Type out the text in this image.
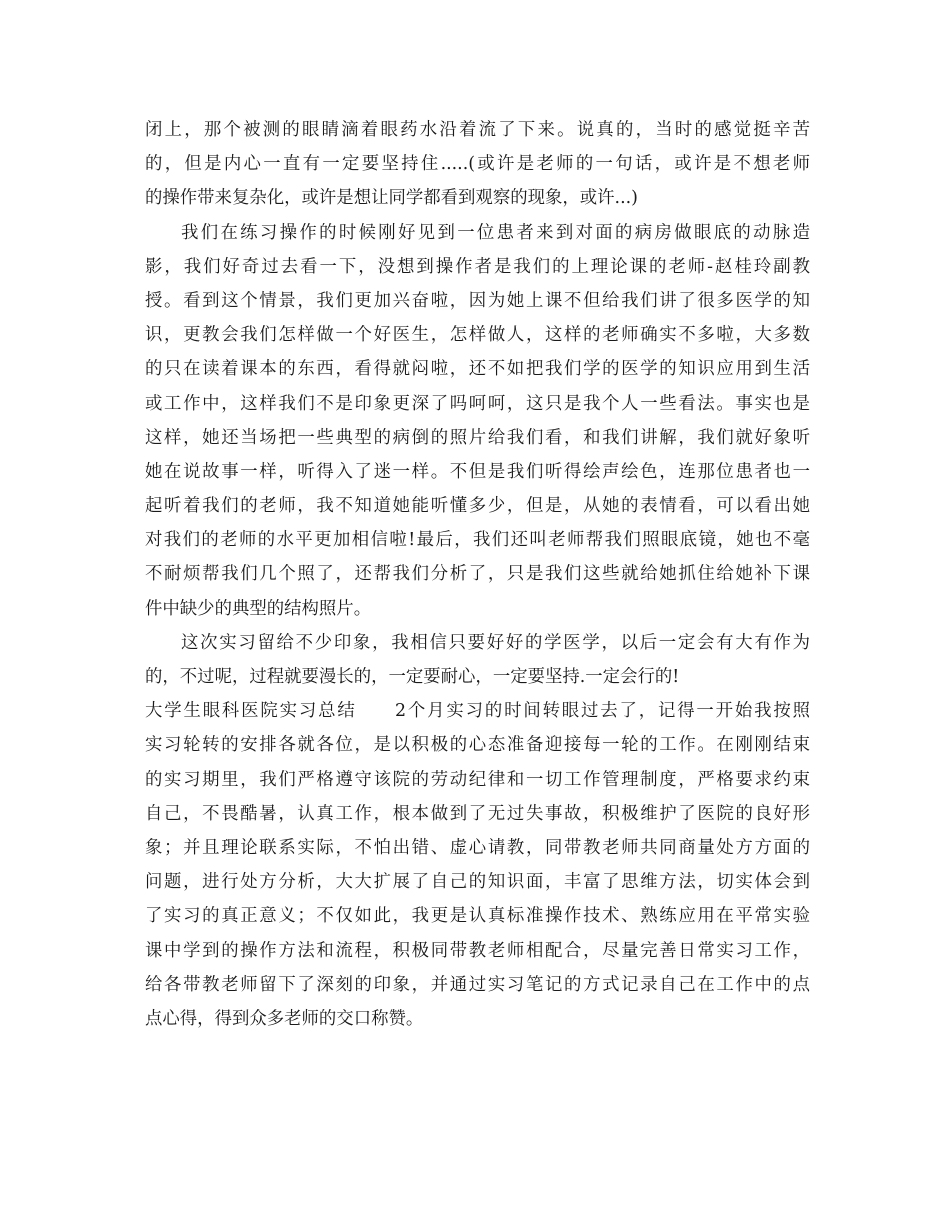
闭上，那个被测的眼睛滴着眼药水沿着流了下来。说真的，当时的感觉挺辛苦
的，但是内心一直有一定要坚持住.....(或许是老师的一句话，或许是不想老师
的操作带来复杂化，或许是想让同学都看到观察的现象，或许...)
我们在练习操作的时候刚好见到一位患者来到对面的病房做眼底的动脉造
影，我们好奇过去看一下，没想到操作者是我们的上理论课的老师-赵桂玲副教
授。看到这个情景，我们更加兴奋啦，因为她上课不但给我们讲了很多医学的知
识，更教会我们怎样做一个好医生，怎样做人，这样的老师确实不多啦，大多数
的只在读着课本的东西，看得就闷啦，还不如把我们学的医学的知识应用到生活
或工作中，这样我们不是印象更深了吗呵呵，这只是我个人一些看法。事实也是
这样，她还当场把一些典型的病倒的照片给我们看，和我们讲解，我们就好象听
她在说故事一样，听得入了迷一样。不但是我们听得绘声绘色，连那位患者也一
起听着我们的老师，我不知道她能听懂多少，但是，从她的表情看，可以看出她
对我们的老师的水平更加相信啦!最后，我们还叫老师帮我们照眼底镜，她也不毫
不耐烦帮我们几个照了，还帮我们分析了，只是我们这些就给她抓住给她补下课
件中缺少的典型的结构照片。
这次实习留给不少印象，我相信只要好好的学医学，以后一定会有大有作为
的，不过呢，过程就要漫长的，一定要耐心，一定要坚持.一定会行的!
大学生眼科医院实习总结　　2个月实习的时间转眼过去了，记得一开始我按照
实习轮转的安排各就各位，是以积极的心态准备迎接每一轮的工作。在刚刚结束
的实习期里，我们严格遵守该院的劳动纪律和一切工作管理制度，严格要求约束
自己，不畏酷暑，认真工作，根本做到了无过失事故，积极维护了医院的良好形
象；并且理论联系实际，不怕出错、虚心请教，同带教老师共同商量处方方面的
问题，进行处方分析，大大扩展了自己的知识面，丰富了思维方法，切实体会到
了实习的真正意义；不仅如此，我更是认真标准操作技术、熟练应用在平常实验
课中学到的操作方法和流程，积极同带教老师相配合，尽量完善日常实习工作，
给各带教老师留下了深刻的印象，并通过实习笔记的方式记录自己在工作中的点
点心得，得到众多老师的交口称赞。
